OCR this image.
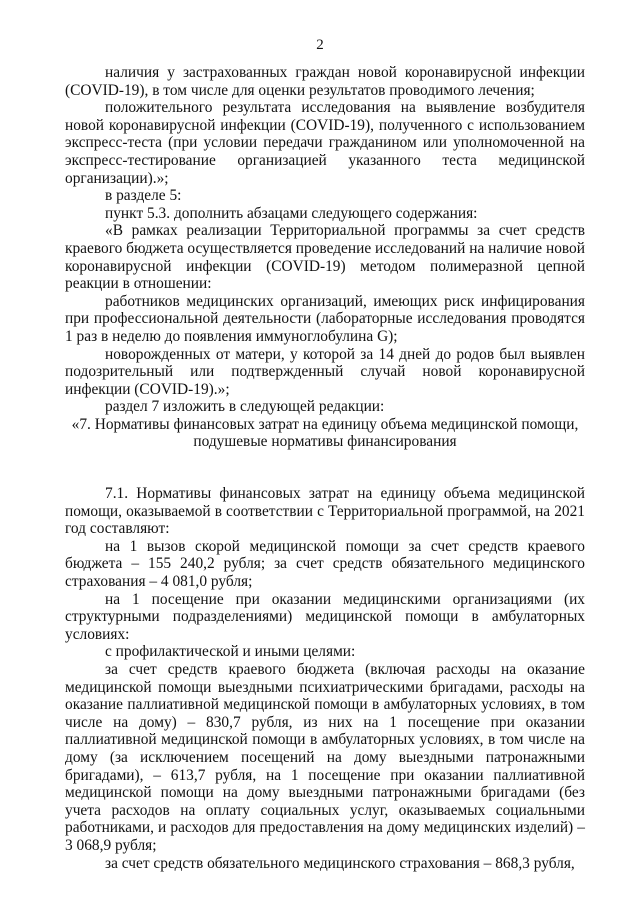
2

наличия у застрахованных граждан новой коронавирусной инфекции (COVID-19), в том числе для оценки результатов проводимого лечения;

положительного результата исследования на выявление возбудителя новой коронавирусной инфекции (COVID-19), полученного с использованием экспресс-теста (при условии передачи гражданином или уполномоченной на экспресс-тестирование организацией указанного теста медицинской организации).»;

в разделе 5:

пункт 5.3. дополнить абзацами следующего содержания:

«В рамках реализации Территориальной программы за счет средств краевого бюджета осуществляется проведение исследований на наличие новой коронавирусной инфекции (COVID-19) методом полимеразной цепной реакции в отношении:

работников медицинских организаций, имеющих риск инфицирования при профессиональной деятельности (лабораторные исследования проводятся 1 раз в неделю до появления иммуноглобулина G);

новорожденных от матери, у которой за 14 дней до родов был выявлен подозрительный или подтвержденный случай новой коронавирусной инфекции (COVID-19).»;

раздел 7 изложить в следующей редакции:

«7. Нормативы финансовых затрат на единицу объема медицинской помощи,

подушевые нормативы финансирования

7.1. Нормативы финансовых затрат на единицу объема медицинской помощи, оказываемой в соответствии с Территориальной программой, на 2021 год составляют:

на 1 вызов скорой медицинской помощи за счет средств краевого бюджета – 155 240,2 рубля; за счет средств обязательного медицинского страхования – 4 081,0 рубля;

на 1 посещение при оказании медицинскими организациями (их структурными подразделениями) медицинской помощи в амбулаторных условиях:

с профилактической и иными целями:

за счет средств краевого бюджета (включая расходы на оказание медицинской помощи выездными психиатрическими бригадами, расходы на оказание паллиативной медицинской помощи в амбулаторных условиях, в том числе на дому) – 830,7 рубля, из них на 1 посещение при оказании паллиативной медицинской помощи в амбулаторных условиях, в том числе на дому (за исключением посещений на дому выездными патронажными бригадами), – 613,7 рубля, на 1 посещение при оказании паллиативной медицинской помощи на дому выездными патронажными бригадами (без учета расходов на оплату социальных услуг, оказываемых социальными работниками, и расходов для предоставления на дому медицинских изделий) – 3 068,9 рубля;

за счет средств обязательного медицинского страхования – 868,3 рубля,
